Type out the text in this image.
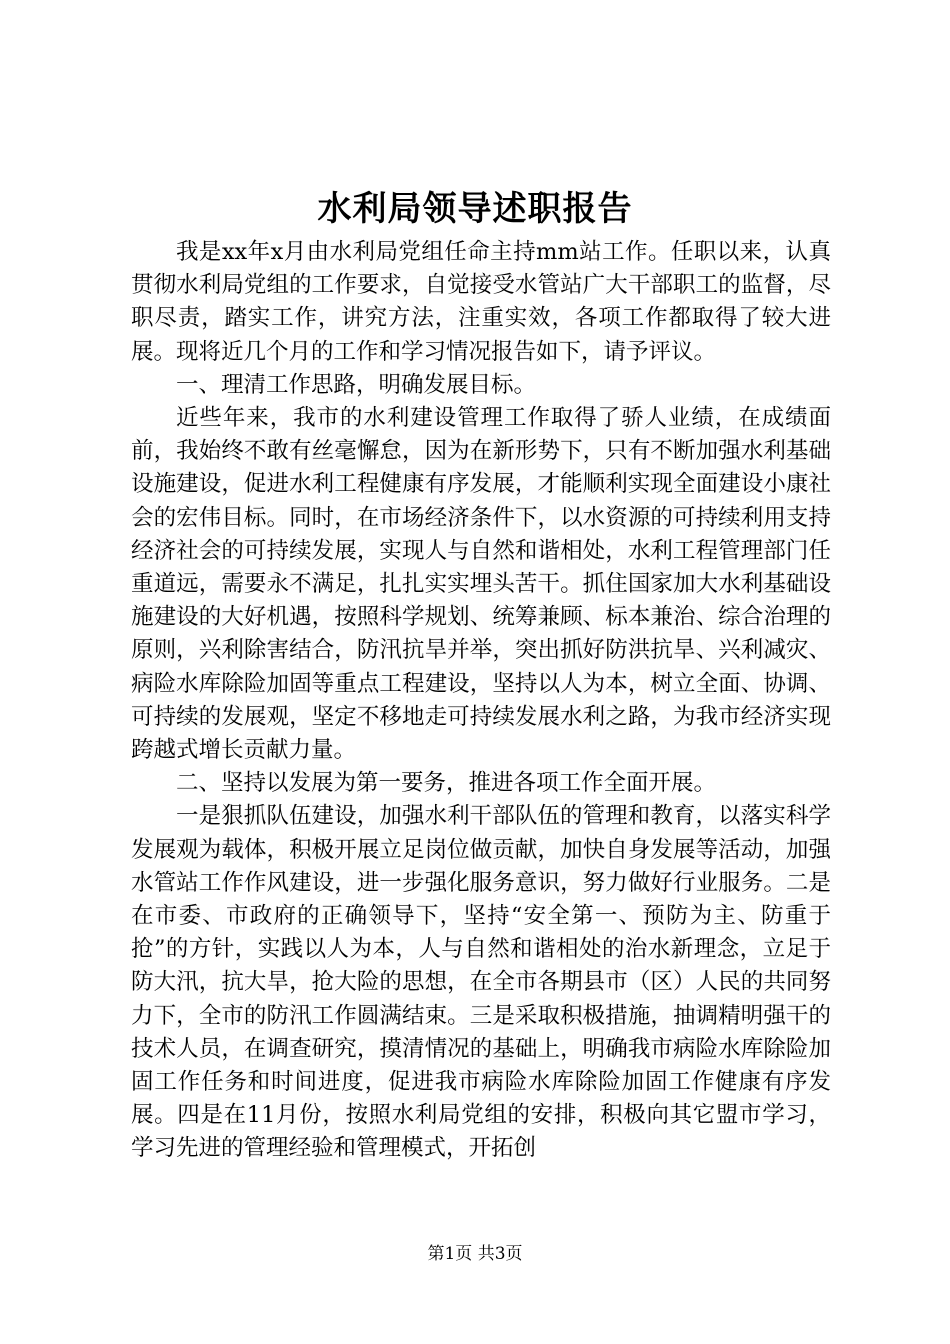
水利局领导述职报告

我是xx年x月由水利局党组任命主持mm站工作。任职以来，认真贯彻水利局党组的工作要求，自觉接受水管站广大干部职工的监督，尽职尽责，踏实工作，讲究方法，注重实效，各项工作都取得了较大进展。现将近几个月的工作和学习情况报告如下，请予评议。

一、理清工作思路，明确发展目标。

近些年来，我市的水利建设管理工作取得了骄人业绩，在成绩面前，我始终不敢有丝毫懈怠，因为在新形势下，只有不断加强水利基础设施建设，促进水利工程健康有序发展，才能顺利实现全面建设小康社会的宏伟目标。同时，在市场经济条件下，以水资源的可持续利用支持经济社会的可持续发展，实现人与自然和谐相处，水利工程管理部门任重道远，需要永不满足，扎扎实实埋头苦干。抓住国家加大水利基础设施建设的大好机遇，按照科学规划、统筹兼顾、标本兼治、综合治理的原则，兴利除害结合，防汛抗旱并举，突出抓好防洪抗旱、兴利减灾、病险水库除险加固等重点工程建设，坚持以人为本，树立全面、协调、可持续的发展观，坚定不移地走可持续发展水利之路，为我市经济实现跨越式增长贡献力量。

二、坚持以发展为第一要务，推进各项工作全面开展。

一是狠抓队伍建设，加强水利干部队伍的管理和教育，以落实科学发展观为载体，积极开展立足岗位做贡献，加快自身发展等活动，加强水管站工作作风建设，进一步强化服务意识，努力做好行业服务。二是在市委、市政府的正确领导下，坚持“安全第一、预防为主、防重于抢”的方针，实践以人为本，人与自然和谐相处的治水新理念，立足于防大汛，抗大旱，抢大险的思想，在全市各期县市（区）人民的共同努力下，全市的防汛工作圆满结束。三是采取积极措施，抽调精明强干的技术人员，在调查研究，摸清情况的基础上，明确我市病险水库除险加固工作任务和时间进度，促进我市病险水库除险加固工作健康有序发展。四是在11月份，按照水利局党组的安排，积极向其它盟市学习，学习先进的管理经验和管理模式，开拓创

第1页 共3页
